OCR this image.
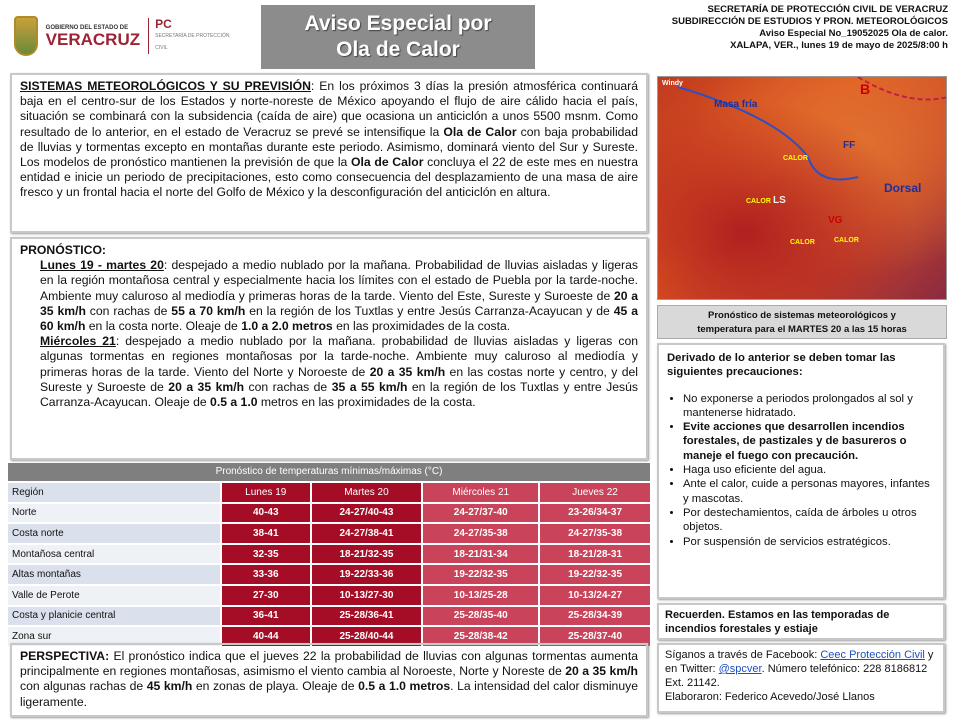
GOBIERNO DEL ESTADO DE
VERACRUZ
PC
SECRETARÍA DE PROTECCIÓN CIVIL
Aviso Especial por
Ola de Calor
SECRETARÍA DE PROTECCIÓN CIVIL DE VERACRUZ
SUBDIRECCIÓN DE ESTUDIOS Y PRON. METEOROLÓGICOS
Aviso Especial No_19052025 Ola de calor.
XALAPA, VER., lunes 19 de mayo de 2025/8:00 h
SISTEMAS METEOROLÓGICOS Y SU PREVISIÓN: En los próximos 3 días la presión atmosférica continuará baja en el centro-sur de los Estados y norte-noreste de México apoyando el flujo de aire cálido hacia el país, situación se combinará con la subsidencia (caída de aire) que ocasiona un anticiclón a unos 5500 msnm. Como resultado de lo anterior, en el estado de Veracruz se prevé se intensifique la Ola de Calor con baja probabilidad de lluvias y tormentas excepto en montañas durante este periodo. Asimismo, dominará viento del Sur y Sureste. Los modelos de pronóstico mantienen la previsión de que la Ola de Calor concluya el 22 de este mes en nuestra entidad e inicie un periodo de precipitaciones, esto como consecuencia del desplazamiento de una masa de aire fresco y un frontal hacia el norte del Golfo de México y la desconfiguración del anticiclón en altura.
PRONÓSTICO:
Lunes 19 - martes 20: despejado a medio nublado por la mañana. Probabilidad de lluvias aisladas y ligeras en la región montañosa central y especialmente hacia los límites con el estado de Puebla por la tarde-noche. Ambiente muy caluroso al mediodía y primeras horas de la tarde. Viento del Este, Sureste y Suroeste de 20 a 35 km/h con rachas de 55 a 70 km/h en la región de los Tuxtlas y entre Jesús Carranza-Acayucan y de 45 a 60 km/h en la costa norte. Oleaje de 1.0 a 2.0 metros en las proximidades de la costa.
Miércoles 21: despejado a medio nublado por la mañana. probabilidad de lluvias aisladas y ligeras con algunas tormentas en regiones montañosas por la tarde-noche. Ambiente muy caluroso al mediodía y primeras horas de la tarde. Viento del Norte y Noroeste de 20 a 35 km/h en las costas norte y centro, y del Sureste y Suroeste de 20 a 35 km/h con rachas de 35 a 55 km/h en la región de los Tuxtlas y entre Jesús Carranza-Acayucan. Oleaje de 0.5 a 1.0 metros en las proximidades de la costa.
Pronóstico de temperaturas mínimas/máximas (°C)
Región	Lunes 19	Martes 20	Miércoles 21	Jueves 22
Norte	40-43	24-27/40-43	24-27/37-40	23-26/34-37
Costa norte	38-41	24-27/38-41	24-27/35-38	24-27/35-38
Montañosa central	32-35	18-21/32-35	18-21/31-34	18-21/28-31
Altas montañas	33-36	19-22/33-36	19-22/32-35	19-22/32-35
Valle de Perote	27-30	10-13/27-30	10-13/25-28	10-13/24-27
Costa y planicie central	36-41	25-28/36-41	25-28/35-40	25-28/34-39
Zona sur	40-44	25-28/40-44	25-28/38-42	25-28/37-40
PERSPECTIVA: El pronóstico indica que el jueves 22 la probabilidad de lluvias con algunas tormentas aumenta principalmente en regiones montañosas, asimismo el viento cambia al Noroeste, Norte y Noreste de 20 a 35 km/h con algunas rachas de 45 km/h en zonas de playa. Oleaje de 0.5 a 1.0 metros. La intensidad del calor disminuye ligeramente.
Windy
Masa fría
B
FF
CALOR
LS
Dorsal
CALOR
VG
CALOR	CALOR
Pronóstico de sistemas meteorológicos y
temperatura para el MARTES 20 a las 15 horas
Derivado de lo anterior se deben tomar las siguientes precauciones:
• No exponerse a periodos prolongados al sol y mantenerse hidratado.
• Evite acciones que desarrollen incendios forestales, de pastizales y de basureros o maneje el fuego con precaución.
• Haga uso eficiente del agua.
• Ante el calor, cuide a personas mayores, infantes y mascotas.
• Por destechamientos, caída de árboles u otros objetos.
• Por suspensión de servicios estratégicos.
Recuerden. Estamos en las temporadas de incendios forestales y estiaje
Síganos a través de Facebook: Ceec Protección Civil y en Twitter: @spcver. Número telefónico: 228 8186812 Ext. 21142.
Elaboraron: Federico Acevedo/José Llanos
